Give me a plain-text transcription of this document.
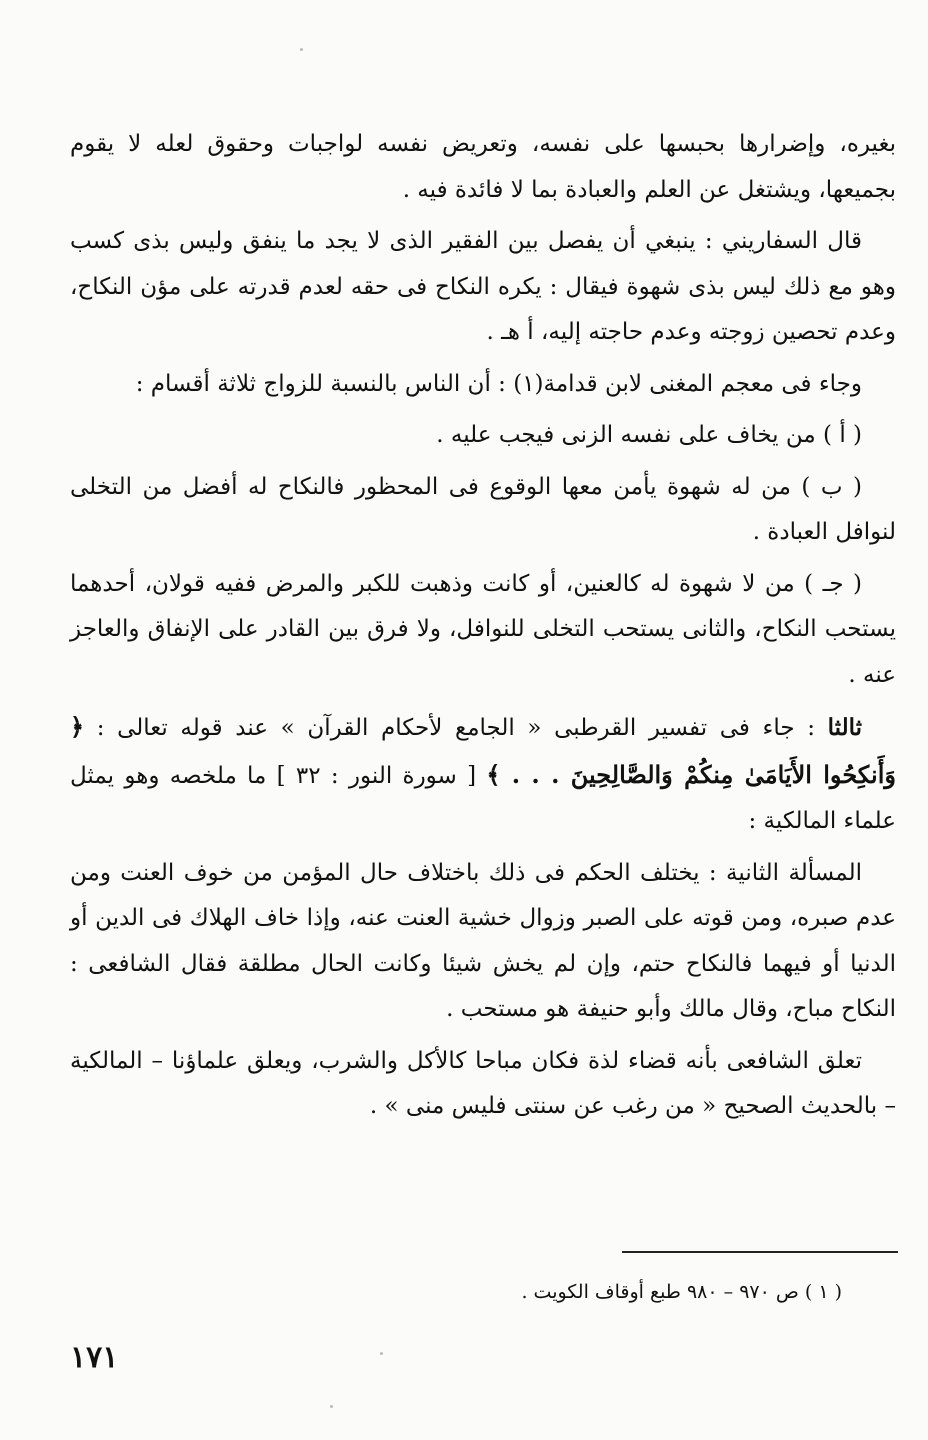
بغيره، وإضرارها بحبسها على نفسه، وتعريض نفسه لواجبات وحقوق لعله لا يقوم بجميعها، ويشتغل عن العلم والعبادة بما لا فائدة فيه .

قال السفاريني : ينبغي أن يفصل بين الفقير الذى لا يجد ما ينفق وليس بذى كسب وهو مع ذلك ليس بذى شهوة فيقال : يكره النكاح فى حقه لعدم قدرته على مؤن النكاح، وعدم تحصين زوجته وعدم حاجته إليه، أ هـ .

وجاء فى معجم المغنى لابن قدامة(١) : أن الناس بالنسبة للزواج ثلاثة أقسام :

( أ ) من يخاف على نفسه الزنى فيجب عليه .

( ب ) من له شهوة يأمن معها الوقوع فى المحظور فالنكاح له أفضل من التخلى لنوافل العبادة .

( جـ ) من لا شهوة له كالعنين، أو كانت وذهبت للكبر والمرض ففيه قولان، أحدهما يستحب النكاح، والثانى يستحب التخلى للنوافل، ولا فرق بين القادر على الإنفاق والعاجز عنه .

ثالثا : جاء فى تفسير القرطبى « الجامع لأحكام القرآن » عند قوله تعالى : ﴿ وَأَنكِحُوا الأَيَامَىٰ مِنكُمْ وَالصَّالِحِينَ . . . ﴾ [ سورة النور : ٣٢ ] ما ملخصه وهو يمثل علماء المالكية :

المسألة الثانية : يختلف الحكم فى ذلك باختلاف حال المؤمن من خوف العنت ومن عدم صبره، ومن قوته على الصبر وزوال خشية العنت عنه، وإذا خاف الهلاك فى الدين أو الدنيا أو فيهما فالنكاح حتم، وإن لم يخش شيئا وكانت الحال مطلقة فقال الشافعى : النكاح مباح، وقال مالك وأبو حنيفة هو مستحب .

تعلق الشافعى بأنه قضاء لذة فكان مباحا كالأكل والشرب، ويعلق علماؤنا – المالكية – بالحديث الصحيح « من رغب عن سنتى فليس منى » .

( ١ ) ص ٩٧٠ – ٩٨٠ طبع أوقاف الكويت .
١٧١
